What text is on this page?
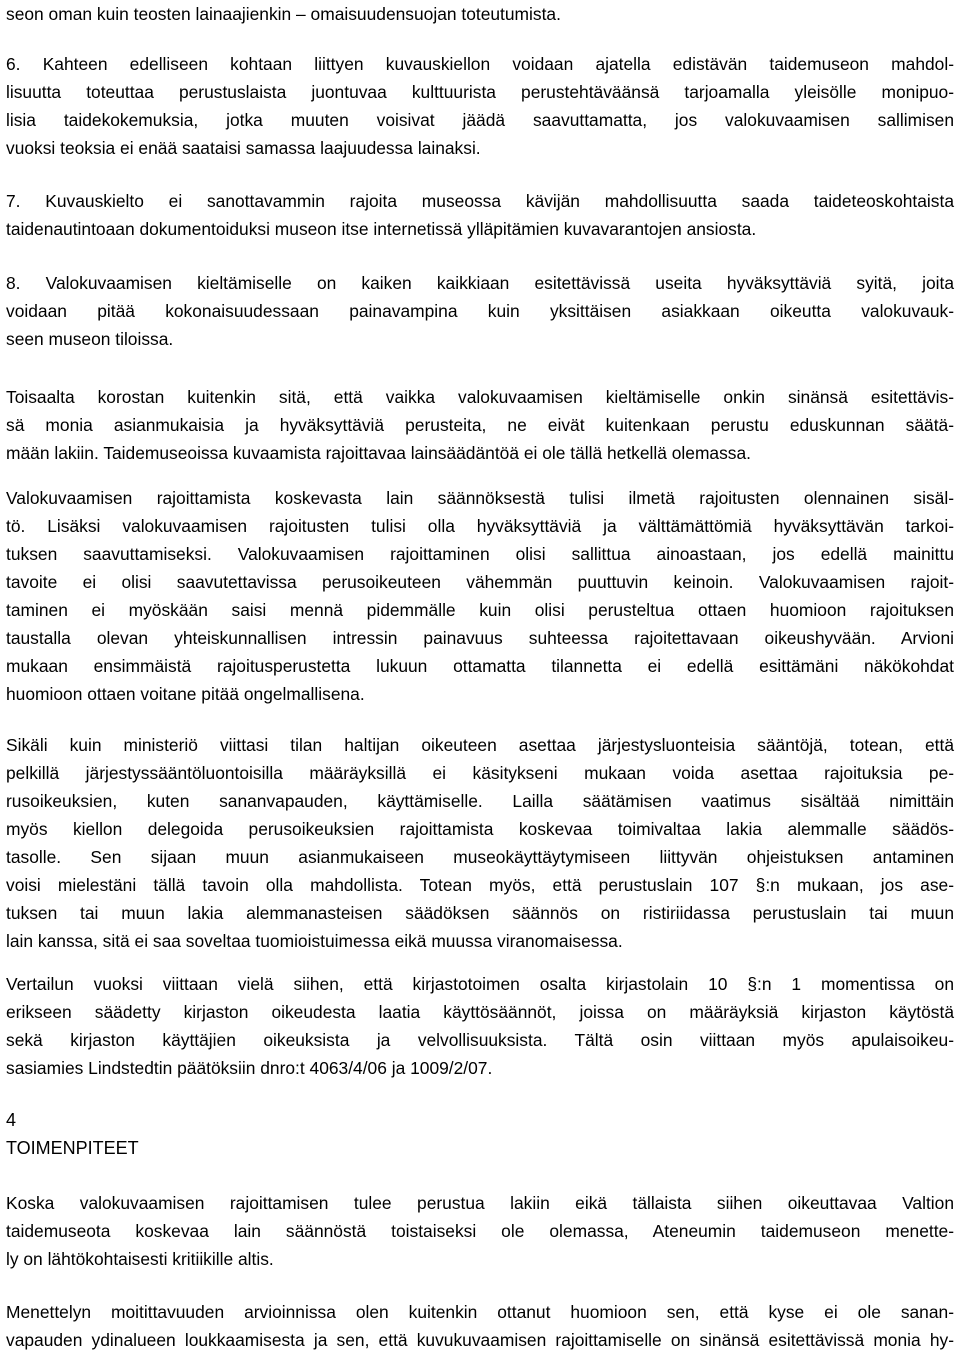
seon oman kuin teosten lainaajienkin – omaisuudensuojan toteutumista.
6. Kahteen edelliseen kohtaan liittyen kuvauskiellon voidaan ajatella edistävän taidemuseon mahdol-
lisuutta toteuttaa perustuslaista juontuvaa kulttuurista perustehtäväänsä tarjoamalla yleisölle monipuo-
lisia taidekokemuksia, jotka muuten voisivat jäädä saavuttamatta, jos valokuvaamisen sallimisen
vuoksi teoksia ei enää saataisi samassa laajuudessa lainaksi.
7. Kuvauskielto ei sanottavammin rajoita museossa kävijän mahdollisuutta saada taideteoskohtaista
taidenautintoaan dokumentoiduksi museon itse internetissä ylläpitämien kuvavarantojen ansiosta.
8. Valokuvaamisen kieltämiselle on kaiken kaikkiaan esitettävissä useita hyväksyttäviä syitä, joita
voidaan pitää kokonaisuudessaan painavampina kuin yksittäisen asiakkaan oikeutta valokuvauk-
seen museon tiloissa.
Toisaalta korostan kuitenkin sitä, että vaikka valokuvaamisen kieltämiselle onkin sinänsä esitettävis-
sä monia asianmukaisia ja hyväksyttäviä perusteita, ne eivät kuitenkaan perustu eduskunnan säätä-
mään lakiin. Taidemuseoissa kuvaamista rajoittavaa lainsäädäntöä ei ole tällä hetkellä olemassa.
Valokuvaamisen rajoittamista koskevasta lain säännöksestä tulisi ilmetä rajoitusten olennainen sisäl-
tö. Lisäksi valokuvaamisen rajoitusten tulisi olla hyväksyttäviä ja välttämättömiä hyväksyttävän tarkoi-
tuksen saavuttamiseksi. Valokuvaamisen rajoittaminen olisi sallittua ainoastaan, jos edellä mainittu
tavoite ei olisi saavutettavissa perusoikeuteen vähemmän puuttuvin keinoin. Valokuvaamisen rajoit-
taminen ei myöskään saisi mennä pidemmälle kuin olisi perusteltua ottaen huomioon rajoituksen
taustalla olevan yhteiskunnallisen intressin painavuus suhteessa rajoitettavaan oikeushyvään. Arvioni
mukaan ensimmäistä rajoitusperustetta lukuun ottamatta tilannetta ei edellä esittämäni näkökohdat
huomioon ottaen voitane pitää ongelmallisena.
Sikäli kuin ministeriö viittasi tilan haltijan oikeuteen asettaa järjestysluonteisia sääntöjä, totean, että
pelkillä järjestyssääntöluontoisilla määräyksillä ei käsitykseni mukaan voida asettaa rajoituksia pe-
rusoikeuksien, kuten sananvapauden, käyttämiselle. Lailla säätämisen vaatimus sisältää nimittäin
myös kiellon delegoida perusoikeuksien rajoittamista koskevaa toimivaltaa lakia alemmalle säädös-
tasolle. Sen sijaan muun asianmukaiseen museokäyttäytymiseen liittyvän ohjeistuksen antaminen
voisi mielestäni tällä tavoin olla mahdollista. Totean myös, että perustuslain 107 §:n mukaan, jos ase-
tuksen tai muun lakia alemmanasteisen säädöksen säännös on ristiriidassa perustuslain tai muun
lain kanssa, sitä ei saa soveltaa tuomioistuimessa eikä muussa viranomaisessa.
Vertailun vuoksi viittaan vielä siihen, että kirjastotoimen osalta kirjastolain 10 §:n 1 momentissa on
erikseen säädetty kirjaston oikeudesta laatia käyttösäännöt, joissa on määräyksiä kirjaston käytöstä
sekä kirjaston käyttäjien oikeuksista ja velvollisuuksista. Tältä osin viittaan myös apulaisoikeu-
sasiamies Lindstedtin päätöksiin dnro:t 4063/4/06 ja 1009/2/07.
4
TOIMENPITEET
Koska valokuvaamisen rajoittamisen tulee perustua lakiin eikä tällaista siihen oikeuttavaa Valtion
taidemuseota koskevaa lain säännöstä toistaiseksi ole olemassa, Ateneumin taidemuseon menette-
ly on lähtökohtaisesti kritiikille altis.
Menettelyn moitittavuuden arvioinnissa olen kuitenkin ottanut huomioon sen, että kyse ei ole sanan-
vapauden ydinalueen loukkaamisesta ja sen, että kuvukuvaamisen rajoittamiselle on sinänsä esitettävissä monia hy-
